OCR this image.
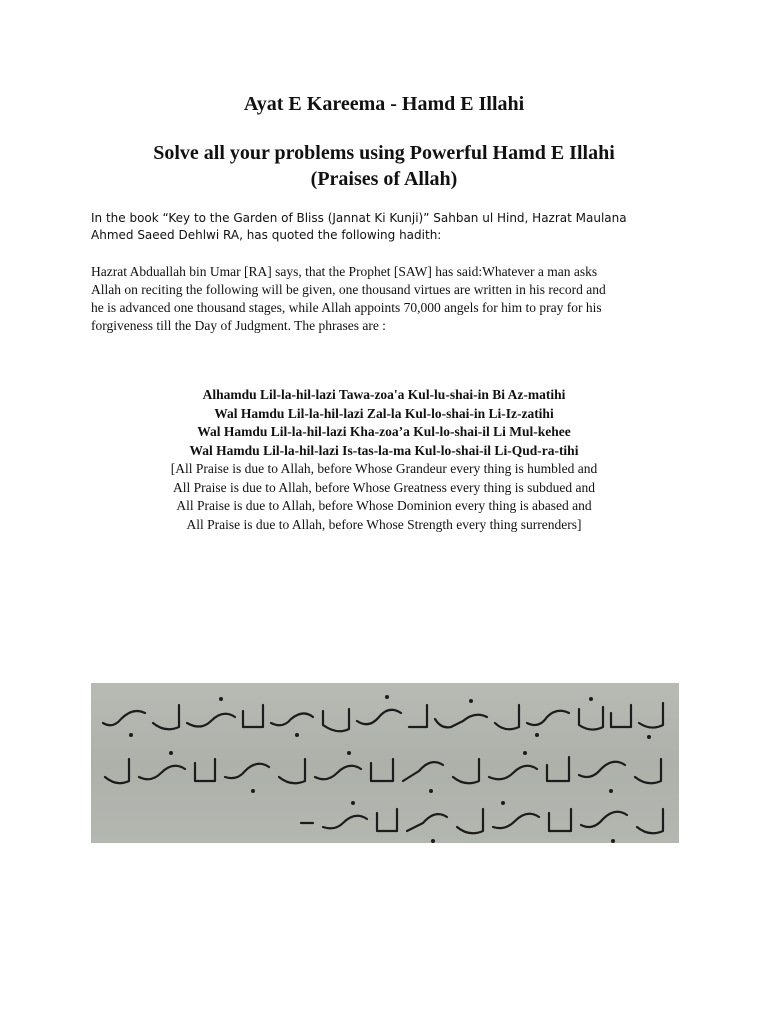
Ayat E Kareema - Hamd E Illahi
Solve all your problems using Powerful Hamd E Illahi
(Praises of Allah)

In the book “Key to the Garden of Bliss (Jannat Ki Kunji)” Sahban ul Hind, Hazrat Maulana
Ahmed Saeed Dehlwi RA, has quoted the following hadith:

Hazrat Abduallah bin Umar [RA] says, that the Prophet [SAW] has said:Whatever a man asks
Allah on reciting the following will be given, one thousand virtues are written in his record and
he is advanced one thousand stages, while Allah appoints 70,000 angels for him to pray for his
forgiveness till the Day of Judgment. The phrases are :

Alhamdu Lil-la-hil-lazi Tawa-zoa'a Kul-lu-shai-in Bi Az-matihi
Wal Hamdu Lil-la-hil-lazi Zal-la Kul-lo-shai-in Li-Iz-zatihi
Wal Hamdu Lil-la-hil-lazi Kha-zoa’a Kul-lo-shai-il Li Mul-kehee
Wal Hamdu Lil-la-hil-lazi Is-tas-la-ma Kul-lo-shai-il Li-Qud-ra-tihi
[All Praise is due to Allah, before Whose Grandeur every thing is humbled and
All Praise is due to Allah, before Whose Greatness every thing is subdued and
All Praise is due to Allah, before Whose Dominion every thing is abased and
All Praise is due to Allah, before Whose Strength every thing surrenders]
